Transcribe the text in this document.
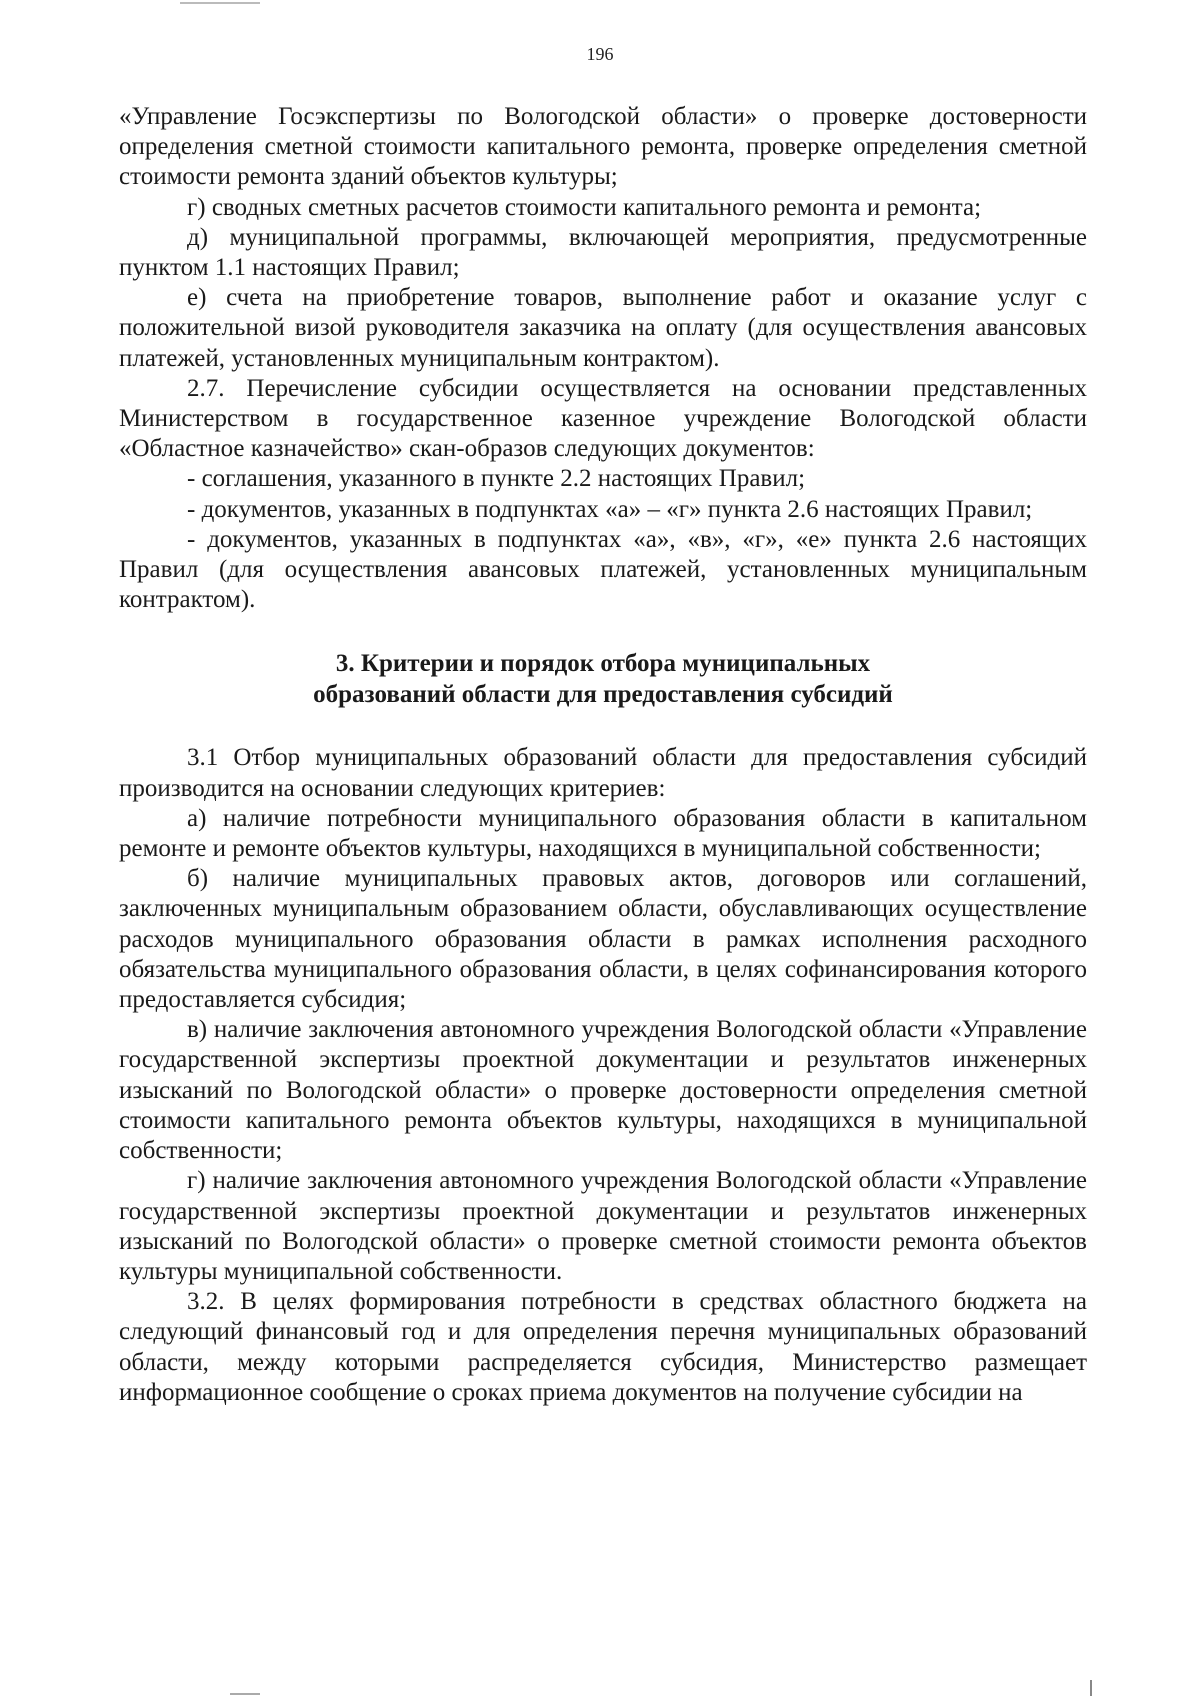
196

«Управление Госэкспертизы по Вологодской области» о проверке достоверности определения сметной стоимости капитального ремонта, проверке определения сметной стоимости ремонта зданий объектов культуры;

г) сводных сметных расчетов стоимости капитального ремонта и ремонта;

д) муниципальной программы, включающей мероприятия, предусмотренные пунктом 1.1 настоящих Правил;

е) счета на приобретение товаров, выполнение работ и оказание услуг с положительной визой руководителя заказчика на оплату (для осуществления авансовых платежей, установленных муниципальным контрактом).

2.7. Перечисление субсидии осуществляется на основании представленных Министерством в государственное казенное учреждение Вологодской области «Областное казначейство» скан-образов следующих документов:

- соглашения, указанного в пункте 2.2 настоящих Правил;

- документов, указанных в подпунктах «а» – «г» пункта 2.6 настоящих Правил;

- документов, указанных в подпунктах «а», «в», «г», «е» пункта 2.6 настоящих Правил (для осуществления авансовых платежей, установленных муниципальным контрактом).

3. Критерии и порядок отбора муниципальных
образований области для предоставления субсидий

3.1 Отбор муниципальных образований области для предоставления субсидий производится на основании следующих критериев:

а) наличие потребности муниципального образования области в капитальном ремонте и ремонте объектов культуры, находящихся в муниципальной собственности;

б) наличие муниципальных правовых актов, договоров или соглашений, заключенных муниципальным образованием области, обуславливающих осуществление расходов муниципального образования области в рамках исполнения расходного обязательства муниципального образования области, в целях софинансирования которого предоставляется субсидия;

в) наличие заключения автономного учреждения Вологодской области «Управление государственной экспертизы проектной документации и результатов инженерных изысканий по Вологодской области» о проверке достоверности определения сметной стоимости капитального ремонта объектов культуры, находящихся в муниципальной собственности;

г) наличие заключения автономного учреждения Вологодской области «Управление государственной экспертизы проектной документации и результатов инженерных изысканий по Вологодской области» о проверке сметной стоимости ремонта объектов культуры муниципальной собственности.

3.2. В целях формирования потребности в средствах областного бюджета на следующий финансовый год и для определения перечня муниципальных образований области, между которыми распределяется субсидия, Министерство размещает информационное сообщение о сроках приема документов на получение субсидии на
